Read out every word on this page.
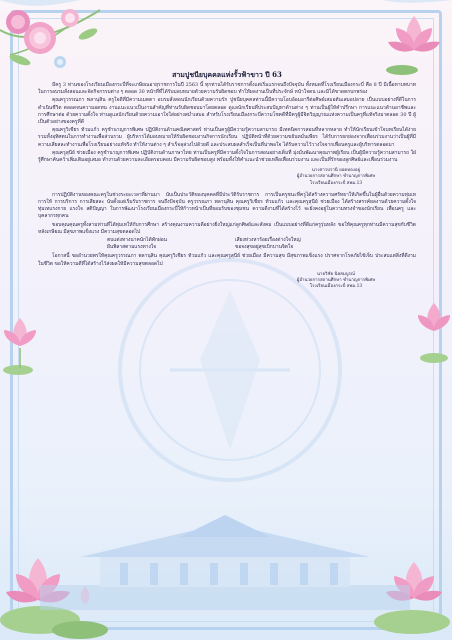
สามปูชนียบุคคลแห่งรั้วฟ้าขาว ปี 63

มีครู 3 ท่านของโรงเรียนเมืองกระบี่ที่จะเกษียณอายุราชการในปี 2563 นี้ ทุกท่านได้รับราชการตั้งแต่เริ่มแรกจนถึงปัจจุบัน ทั้งหมดที่โรงเรียนเมืองกระบี่ คือ 8 ปี มีเนื้อหาบทบาทในการอบรมสั่งสอนและจัดกิจกรรมต่าง ๆ ตลอด 30 หน้าที่ที่ได้รับมอบหมายด้วยความรับผิดชอบ ทำให้ผลงานเป็นที่ประจักษ์ หน้าใจตน และมิได้ขาดตกบกพร่อง

คุณครูวรรณภา พลานุสิน ครูใจดีที่มีความเมตตา อบรมสั่งสอนนักเรียนด้วยความรัก ปูชนียบุคคลท่านนี้มีความโอบอ้อมอารีต่อศิษย์เสมอต้นเสมอปลาย เป็นแบบอย่างที่ดีในการดำเนินชีวิต ตลอดจนความอดทน งานแนะแนวเป็นงานสำคัญที่ท่านรับผิดชอบมาโดยตลอด ดูแลนักเรียนที่ประสบปัญหาด้านต่าง ๆ ท่านเป็นผู้ให้คำปรึกษา การแนะแนวด้านอาชีพและการศึกษาต่อ ด้วยความตั้งใจ ท่านดูแลนักเรียนด้วยความเอาใจใส่อย่างสม่ำเสมอ สำหรับโรงเรียนเมืองกระบี่ความโชคดีที่มีครูผู้มีจิตวิญญาณแห่งความเป็นครูที่แท้จริงมาตลอด 30 ปี ผู้เป็นตัวอย่างของครูที่ดี

คุณครูวิเชียร ท้วมแก้ว ครูชำนาญการพิเศษ ปฏิบัติงานด้านคณิตศาสตร์ ท่านเป็นครูผู้มีความรู้ความสามารถ มีเทคนิคการสอนที่หลากหลาย ทำให้นักเรียนเข้าใจบทเรียนได้ง่าย รวมทั้งอุทิศตนในการทำงานเพื่อส่วนรวม ผู้บริหารได้มอบหมายให้รับผิดชอบงานกิจการนักเรียน ปฏิบัติหน้าที่ด้วยความขยันหมั่นเพียร ได้รับการยกย่องจากเพื่อนร่วมงานว่าเป็นผู้ที่มีความเสียสละทำงานเพื่อโรงเรียนอย่างแท้จริง ทำให้งานต่าง ๆ สำเร็จลุล่วงไปด้วยดี และประสบผลสำเร็จเป็นที่น่าพอใจ ได้รับความไว้วางใจจากเพื่อนครูและผู้บริหารตลอดมา

คุณครูสุนีย์ ช่วยเมือง ครูชำนาญการพิเศษ ปฏิบัติงานด้านภาษาไทย ท่านเป็นครูที่มีความตั้งใจในการสอนอย่างเต็มที่ มุ่งมั่นพัฒนาคุณภาพผู้เรียน เป็นผู้มีความรู้ความสามารถ ใฝ่รู้ศึกษาค้นคว้าเพิ่มเติมอยู่เสมอ ทำงานด้วยความละเอียดรอบคอบ มีความรับผิดชอบสูง พร้อมทั้งให้คำแนะนำช่วยเหลือเพื่อนร่วมงาน และเป็นที่รักของลูกศิษย์และเพื่อนร่วมงาน

นางสาวปรานี ยอดทองอยู่
ผู้อำนวยการสถานศึกษา ชำนาญการพิเศษ
โรงเรียนเมืองกระบี่ สพม.13

การปฏิบัติงานของคณะครูในช่วงระยะเวลาที่ผ่านมา นับเป็นประวัติของบุคคลที่มีประวัติรับราชการ การเป็นครูชนะที่ครูได้สร้างความศรัทธาให้เกิดขึ้นในผู้อื่นด้วยความทุ่มเท การให้ การบริการ การเสียสละ นับตั้งแต่เริ่มรับราชการ จนถึงปัจจุบัน ครูวรรณภา พลานุสิน คุณครูวิเชียร ท้วมแก้ว และคุณครูสุนีย์ ช่วยเมือง ได้สร้างสรรค์ผลงานด้วยความตั้งใจ ทุ่มเทแรงกาย แรงใจ สติปัญญา ในการพัฒนาโรงเรียนเมืองกระบี่ให้ก้าวหน้าเป็นที่ยอมรับของชุมชน ความดีงามที่ได้สร้างไว้ จะยังคงอยู่ในความทรงจำของนักเรียน เพื่อนครู และบุคลากรทุกคน

ขอบคุณคุณครูทั้งสามท่านที่ได้ทุ่มเทให้กับการศึกษา สร้างคุณงามความดีอย่างยิ่งใหญ่แก่ลูกศิษย์และสังคม เป็นแบบอย่างที่ดีแก่ครูรุ่นหลัง ขอให้คุณครูทุกท่านมีความสุขกับชีวิตหลังเกษียณ มีสุขภาพแข็งแรง มีความสุขตลอดไป

ตบแต่งทางนาคนักได้พักผ่อน	เสียงห่วงหาร้อยเรื่องต่างใจใหญ่
ฝันพิลาสตามแรงทางใจ	ขอจงสุขอยู่สุขเบิกบานจิตใจ

โอกาสนี้ ขออำนวยพรให้คุณครูวรรณภา พลานุสิน คุณครูวิเชียร ท้วมแก้ว และคุณครูสุนีย์ ช่วยเมือง มีความสุข มีสุขภาพแข็งแรง ปราศจากโรคภัยไข้เจ็บ ประสบแต่สิ่งที่ดีงามในชีวิต ขอให้ความดีที่ได้สร้างไว้ส่งผลให้มีความสุขตลอดไป

นายวิชัย นิลสมบูรณ์
ผู้อำนวยการสถานศึกษา ชำนาญการพิเศษ
โรงเรียนเมืองกระบี่ สพม.13
